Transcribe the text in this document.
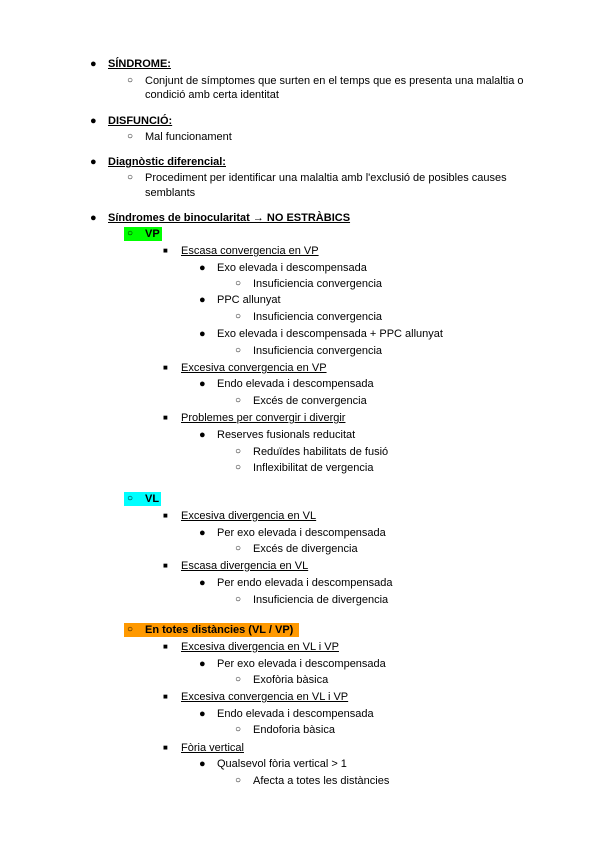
● SÍNDROME:
○ Conjunt de símptomes que surten en el temps que es presenta una malaltia o
condició amb certa identitat
● DISFUNCIÓ:
○ Mal funcionament
● Diagnòstic diferencial:
○ Procediment per identificar una malaltia amb l'exclusió de posibles causes
semblants
● Síndromes de binocularitat → NO ESTRÀBICS
○ VP
■ Escasa convergencia en VP
● Exo elevada i descompensada
○ Insuficiencia convergencia
● PPC allunyat
○ Insuficiencia convergencia
● Exo elevada i descompensada + PPC allunyat
○ Insuficiencia convergencia
■ Excesiva convergencia en VP
● Endo elevada i descompensada
○ Excés de convergencia
■ Problemes per convergir i divergir
● Reserves fusionals reducitat
○ Reduïdes habilitats de fusió
○ Inflexibilitat de vergencia
○ VL
■ Excesiva divergencia en VL
● Per exo elevada i descompensada
○ Excés de divergencia
■ Escasa divergencia en VL
● Per endo elevada i descompensada
○ Insuficiencia de divergencia
○ En totes distàncies (VL / VP)
■ Excesiva divergencia en VL i VP
● Per exo elevada i descompensada
○ Exofòria bàsica
■ Excesiva convergencia en VL i VP
● Endo elevada i descompensada
○ Endoforia bàsica
■ Fòria vertical
● Qualsevol fòria vertical > 1
○ Afecta a totes les distàncies
